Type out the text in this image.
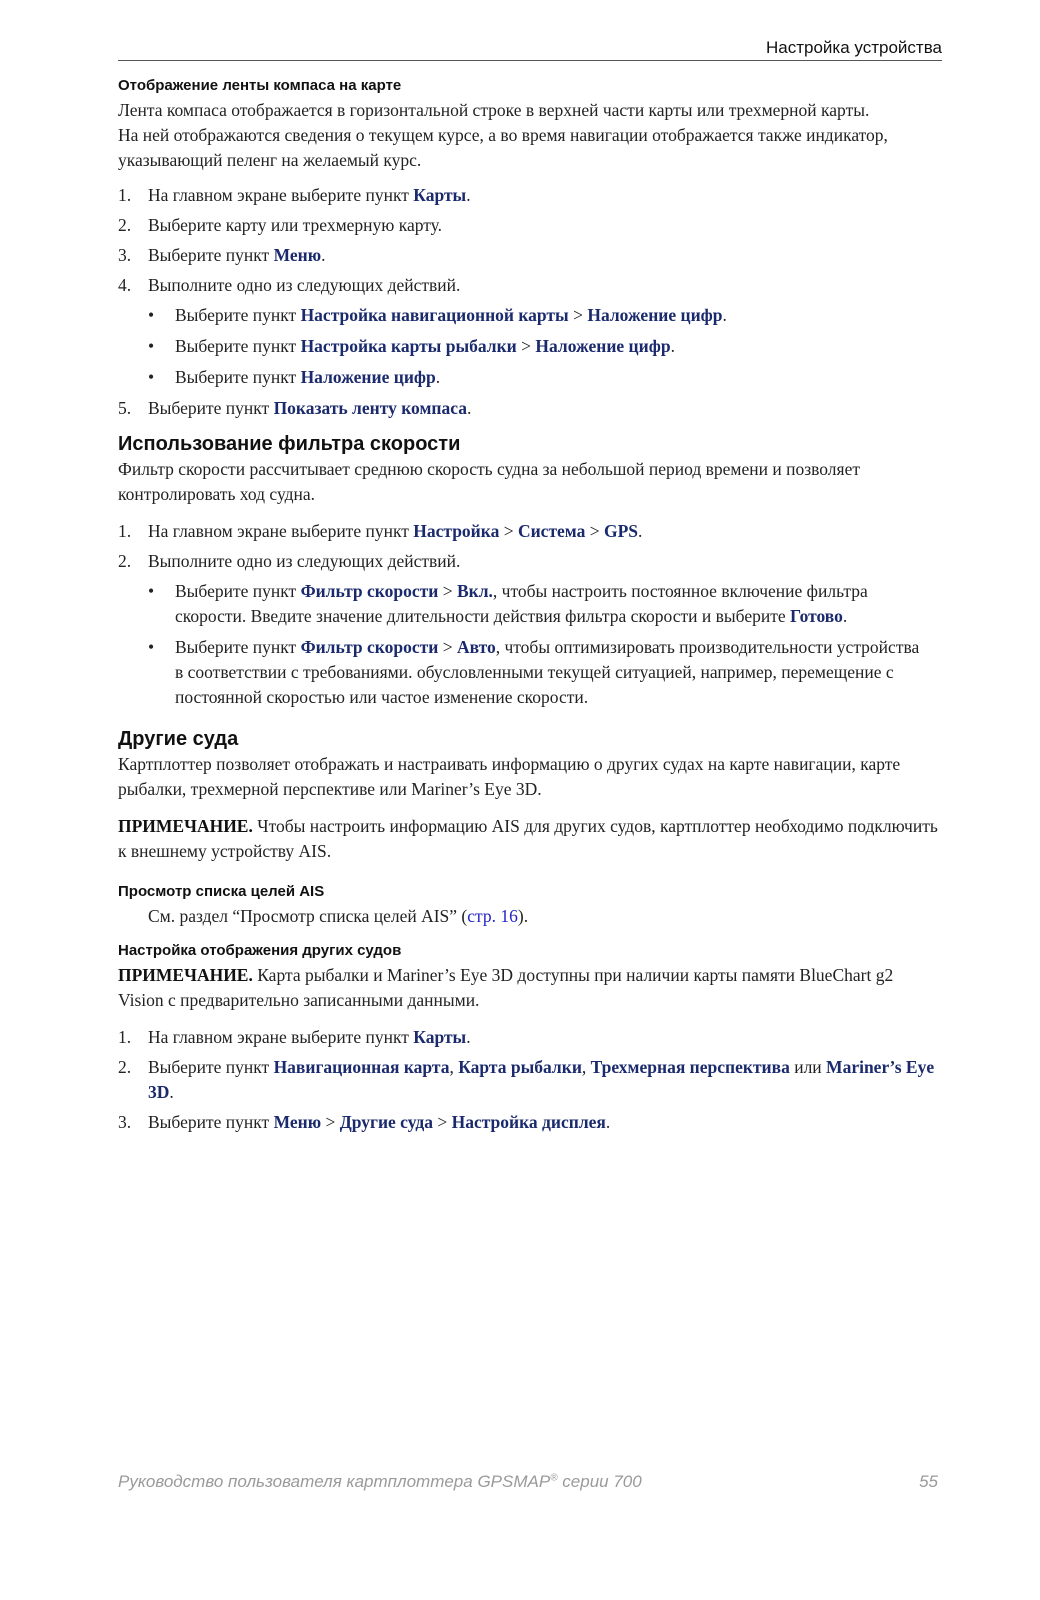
Настройка устройства
Отображение ленты компаса на карте

Лента компаса отображается в горизонтальной строке в верхней части карты или трехмерной карты.
На ней отображаются сведения о текущем курсе, а во время навигации отображается также индикатор,
указывающий пеленг на желаемый курс.

1. На главном экране выберите пункт Карты.
2. Выберите карту или трехмерную карту.
3. Выберите пункт Меню.
4. Выполните одно из следующих действий.
• Выберите пункт Настройка навигационной карты > Наложение цифр.
• Выберите пункт Настройка карты рыбалки > Наложение цифр.
• Выберите пункт Наложение цифр.
5. Выберите пункт Показать ленту компаса.
Использование фильтра скорости

Фильтр скорости рассчитывает среднюю скорость судна за небольшой период времени и позволяет
контролировать ход судна.

1. На главном экране выберите пункт Настройка > Система > GPS.
2. Выполните одно из следующих действий.
• Выберите пункт Фильтр скорости > Вкл., чтобы настроить постоянное включение фильтра
скорости. Введите значение длительности действия фильтра скорости и выберите Готово.
• Выберите пункт Фильтр скорости > Авто, чтобы оптимизировать производительности устройства
в соответствии с требованиями. обусловленными текущей ситуацией, например, перемещение с
постоянной скоростью или частое изменение скорости.
Другие суда

Картплоттер позволяет отображать и настраивать информацию о других судах на карте навигации, карте
рыбалки, трехмерной перспективе или Mariner’s Eye 3D.

ПРИМЕЧАНИЕ. Чтобы настроить информацию AIS для других судов, картплоттер необходимо подключить
к внешнему устройству AIS.

Просмотр списка целей AIS

См. раздел “Просмотр списка целей AIS” (стр. 16).

Настройка отображения других судов

ПРИМЕЧАНИЕ. Карта рыбалки и Mariner’s Eye 3D доступны при наличии карты памяти BlueChart g2
Vision с предварительно записанными данными.

1. На главном экране выберите пункт Карты.
2. Выберите пункт Навигационная карта, Карта рыбалки, Трехмерная перспектива или Mariner’s Eye
3D.
3. Выберите пункт Меню > Другие суда > Настройка дисплея.
Руководство пользователя картплоттера GPSMAP® серии 700	55
